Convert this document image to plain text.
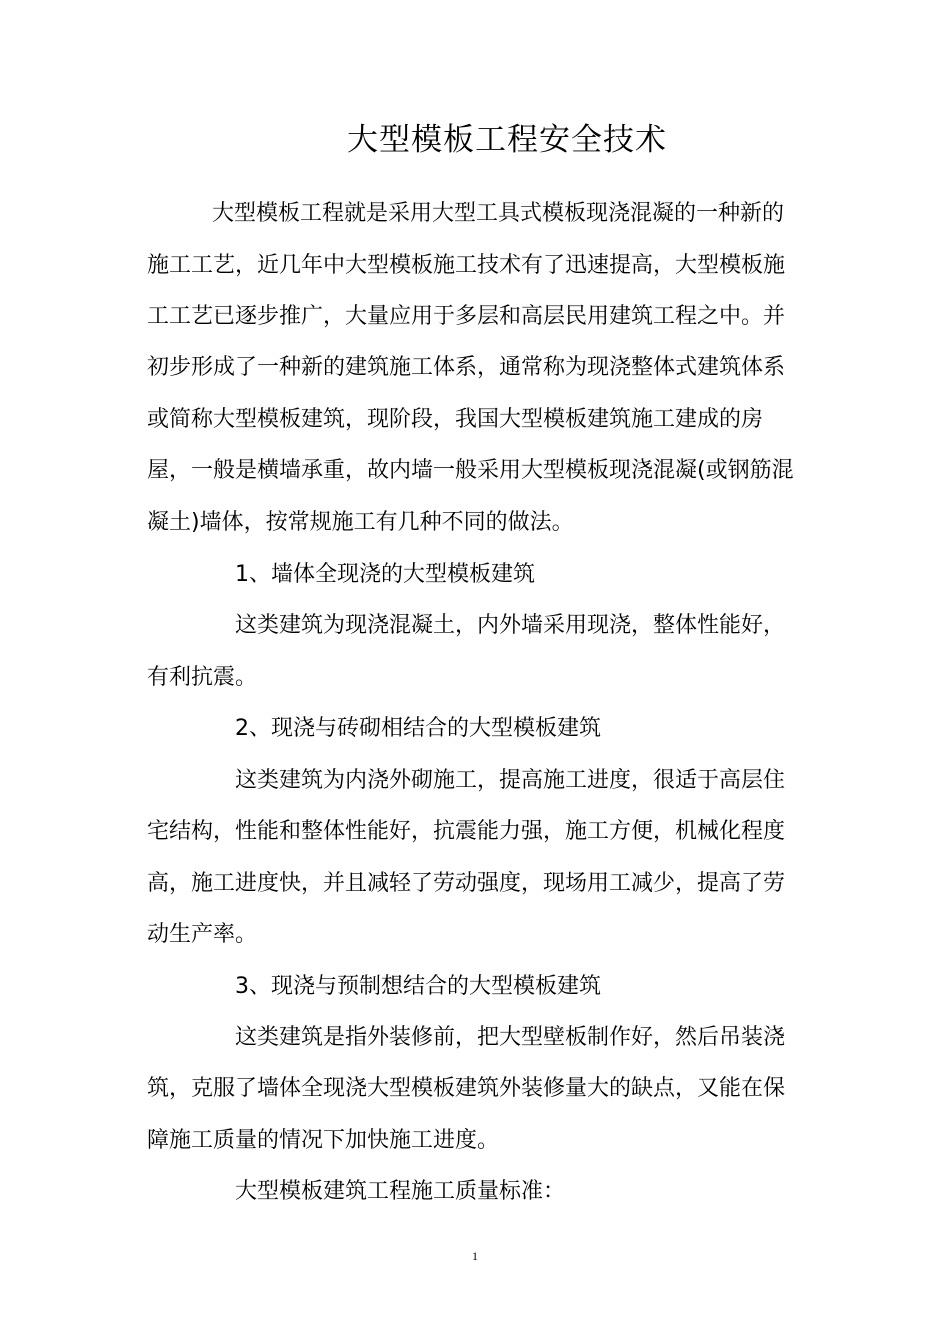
大型模板工程安全技术
大型模板工程就是采用大型工具式模板现浇混凝的一种新的
施工工艺，近几年中大型模板施工技术有了迅速提高，大型模板施
工工艺已逐步推广，大量应用于多层和高层民用建筑工程之中。并
初步形成了一种新的建筑施工体系，通常称为现浇整体式建筑体系
或简称大型模板建筑，现阶段，我国大型模板建筑施工建成的房
屋，一般是横墙承重，故内墙一般采用大型模板现浇混凝(或钢筋混
凝土)墙体，按常规施工有几种不同的做法。
1、墙体全现浇的大型模板建筑
这类建筑为现浇混凝土，内外墙采用现浇，整体性能好，
有利抗震。
2、现浇与砖砌相结合的大型模板建筑
这类建筑为内浇外砌施工，提高施工进度，很适于高层住
宅结构，性能和整体性能好，抗震能力强，施工方便，机械化程度
高，施工进度快，并且减轻了劳动强度，现场用工减少，提高了劳
动生产率。
3、现浇与预制想结合的大型模板建筑
这类建筑是指外装修前，把大型壁板制作好，然后吊装浇
筑，克服了墙体全现浇大型模板建筑外装修量大的缺点，又能在保
障施工质量的情况下加快施工进度。
大型模板建筑工程施工质量标准：
1
